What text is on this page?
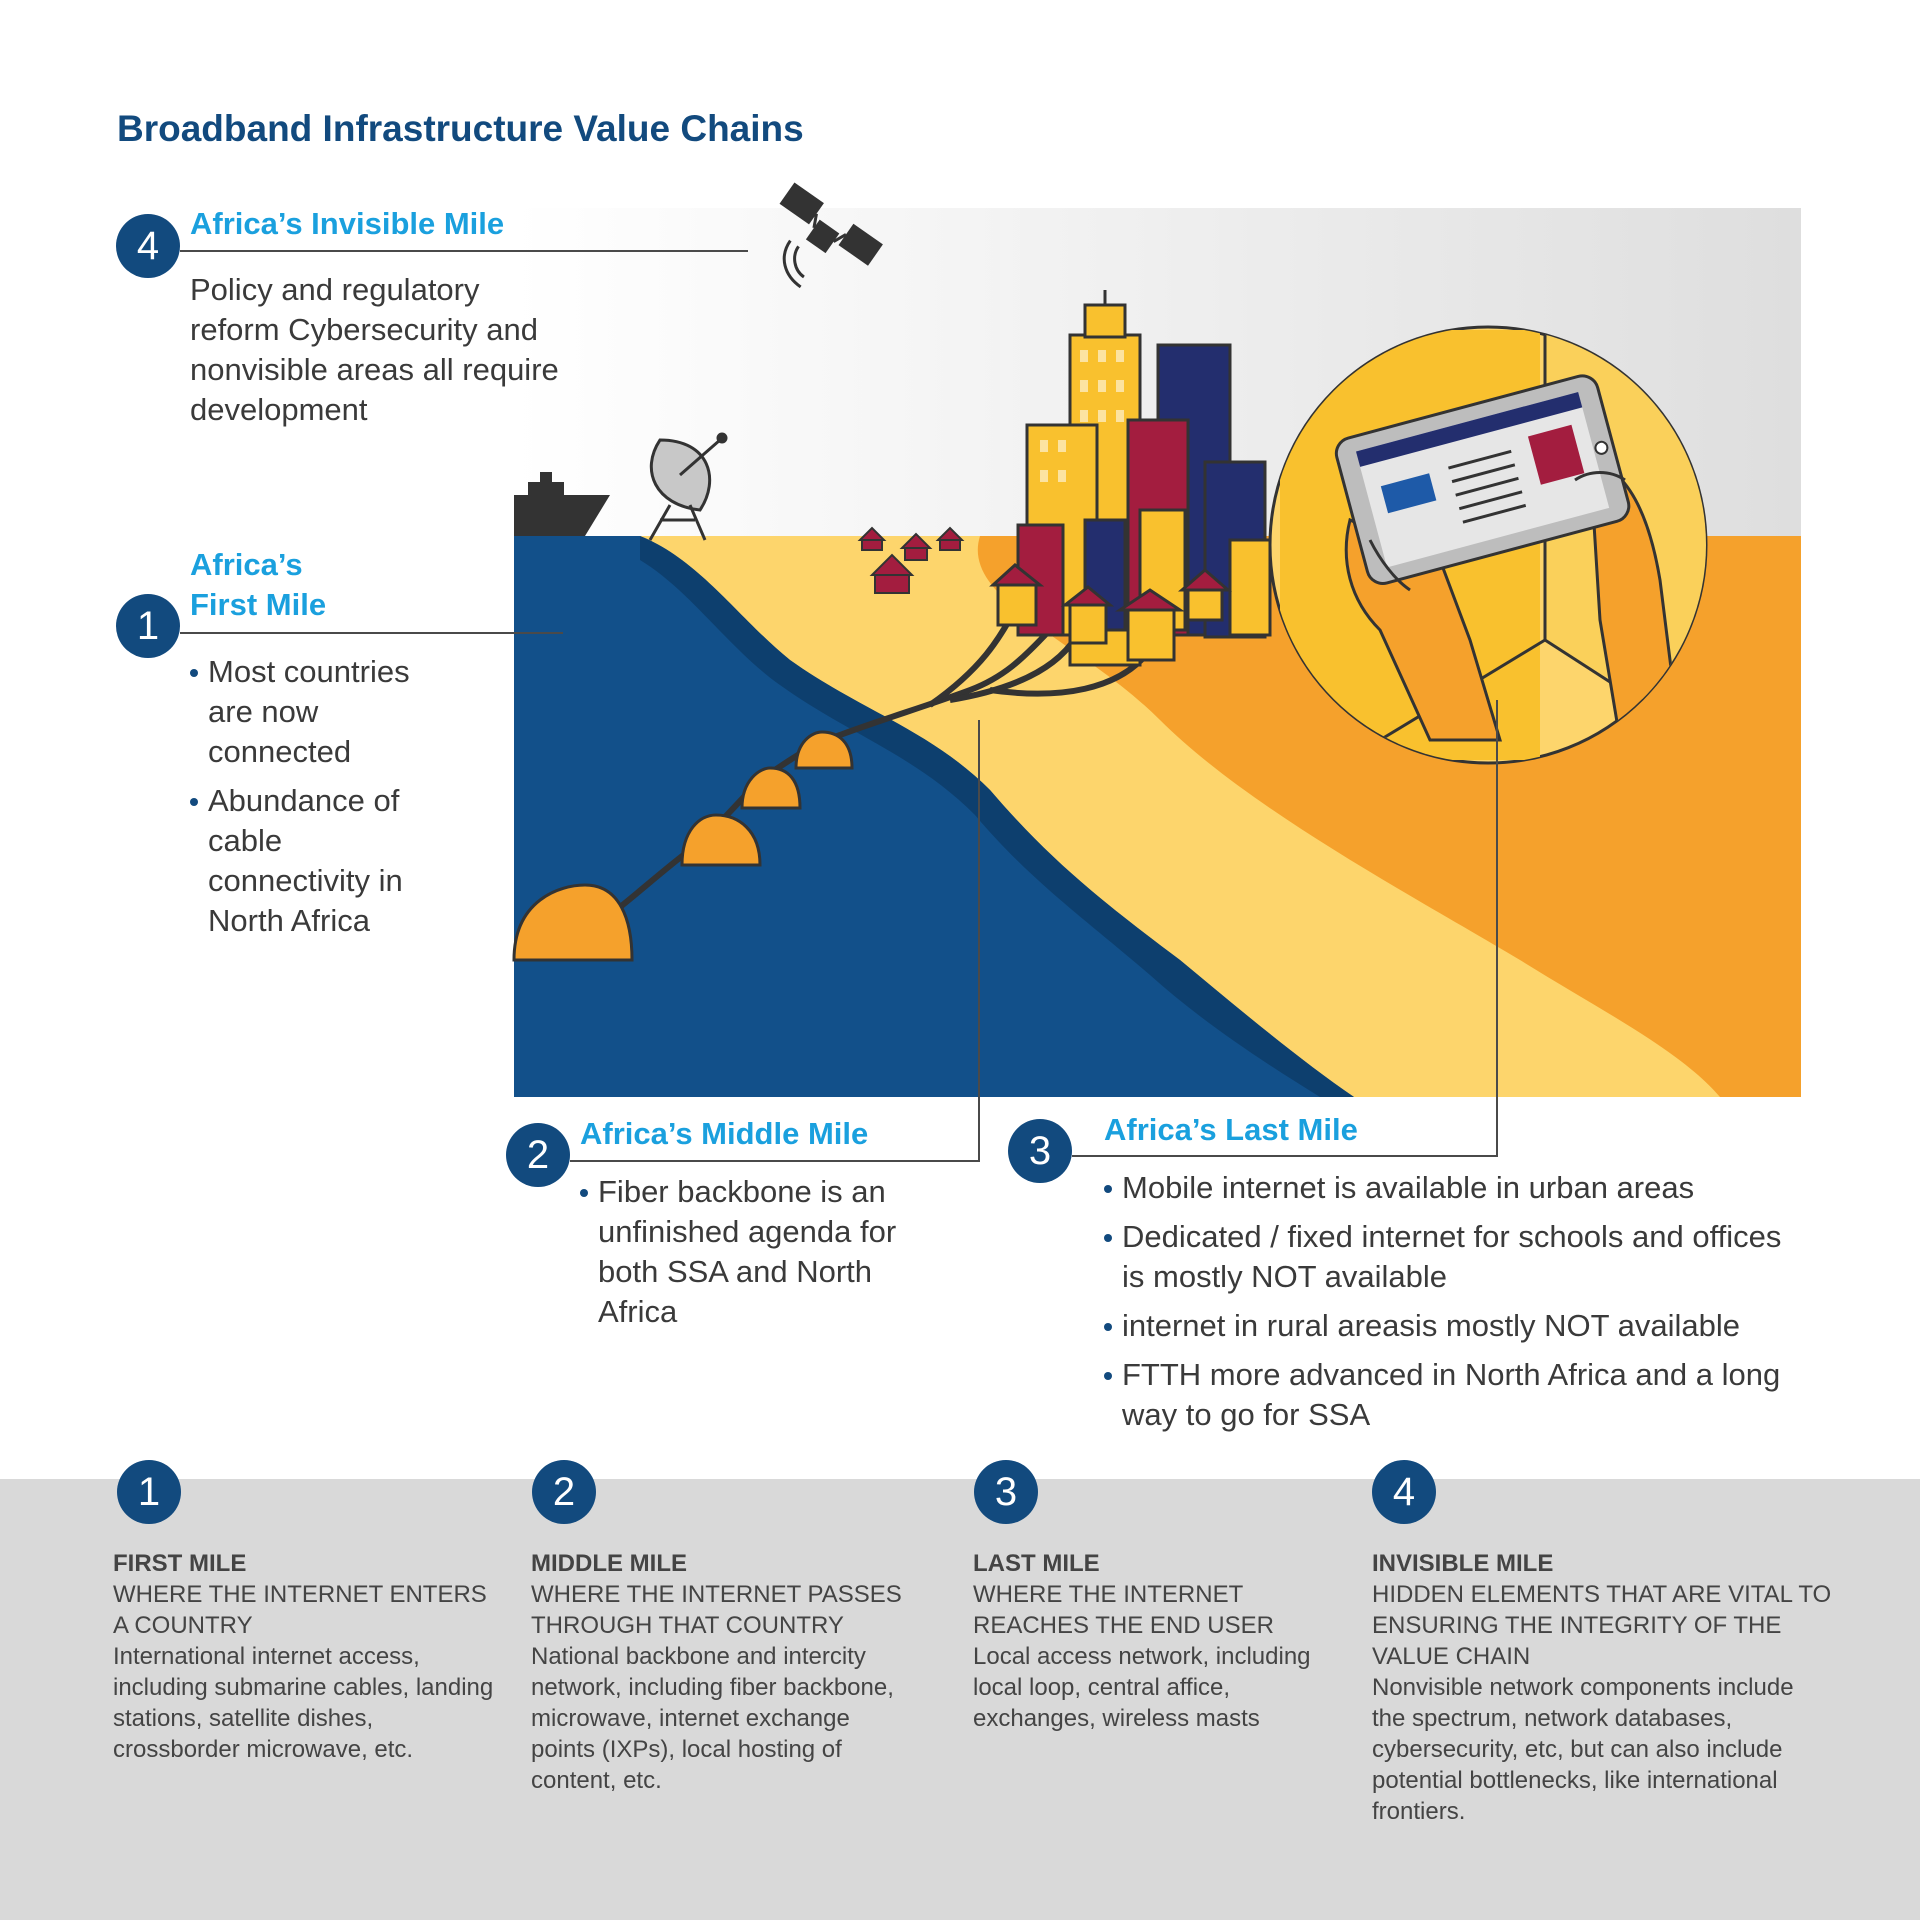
Broadband Infrastructure Value Chains
4
Africa’s Invisible Mile
Policy and regulatory reform Cybersecurity and nonvisible areas all require development
1
Africa’s
First Mile
Most countries are now connected
Abundance of cable connectivity in North Africa
2 Africa’s Middle Mile
Fiber backbone is an unfinished agenda for both SSA and North Africa
3	Africa’s Last Mile
Mobile internet is available in urban areas
Dedicated / fixed internet for schools and offices is mostly NOT available
internet in rural areasis mostly NOT available
FTTH more advanced in North Africa and a long way to go for SSA
1
FIRST MILE
WHERE THE INTERNET ENTERS A COUNTRY
International internet access, including submarine cables, landing stations, satellite dishes, crossborder microwave, etc.
2
MIDDLE MILE
WHERE THE INTERNET PASSES THROUGH THAT COUNTRY
National backbone and intercity network, including fiber backbone, microwave, internet exchange points (IXPs), local hosting of content, etc.
3
LAST MILE
WHERE THE INTERNET REACHES THE END USER
Local access network, including local loop, central affice, exchanges, wireless masts
4
INVISIBLE MILE
HIDDEN ELEMENTS THAT ARE VITAL TO ENSURING THE INTEGRITY OF THE VALUE CHAIN
Nonvisible network components include the spectrum, network databases, cybersecurity, etc, but can also include potential bottlenecks, like international frontiers.
